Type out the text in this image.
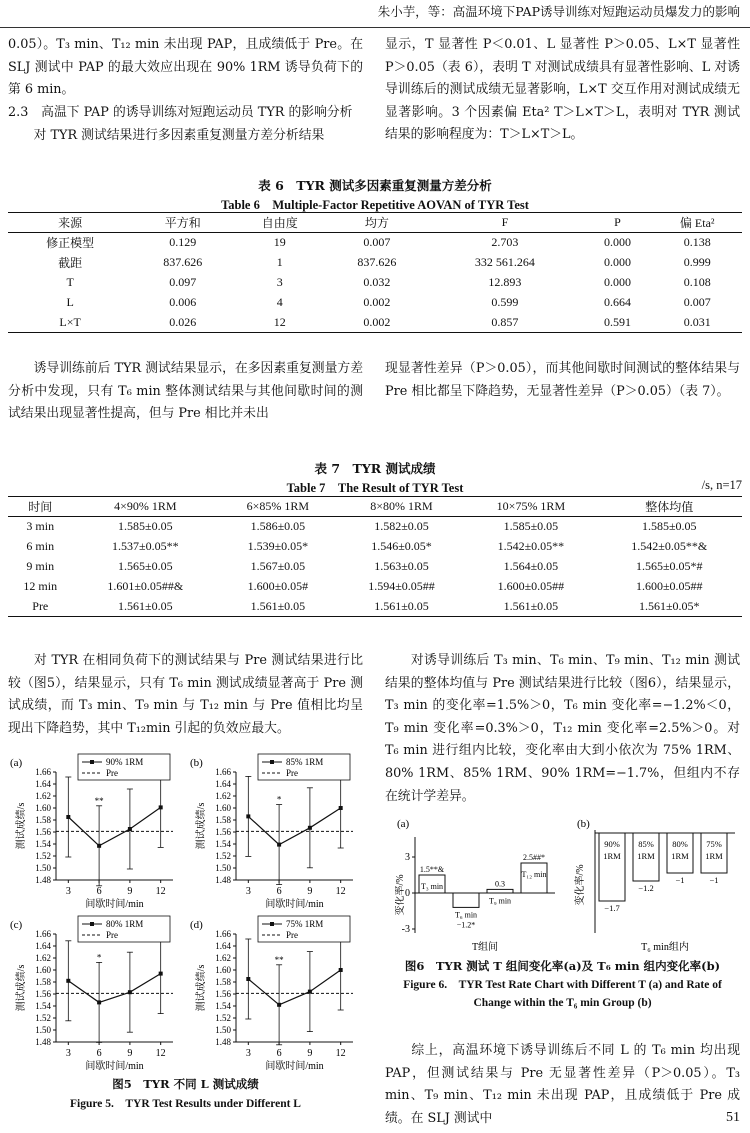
朱小芋，等：高温环境下PAP诱导训练对短跑运动员爆发力的影响
0.05）。T₃ min、T₁₂ min 未出现 PAP，且成绩低于 Pre。在 SLJ 测试中 PAP 的最大效应出现在 90% 1RM 诱导负荷下的第 6 min。
2.3　高温下 PAP 的诱导训练对短跑运动员 TYR 的影响分析
对 TYR 测试结果进行多因素重复测量方差分析结果
显示，T 显著性 P＜0.01、L 显著性 P＞0.05、L×T 显著性 P＞0.05（表 6），表明 T 对测试成绩具有显著性影响、L 对诱导训练后的测试成绩无显著影响，L×T 交互作用对测试成绩无显著影响。3 个因素偏 Eta² T＞L×T＞L，表明对 TYR 测试结果的影响程度为：T＞L×T＞L。
表 6　TYR 测试多因素重复测量方差分析
Table 6　Multiple-Factor Repetitive AOVAN of TYR Test
来源	平方和	自由度	均方	F	P	偏 Eta²
修正模型	0.129	19	0.007	2.703	0.000	0.138
截距	837.626	1	837.626	332 561.264	0.000	0.999
T	0.097	3	0.032	12.893	0.000	0.108
L	0.006	4	0.002	0.599	0.664	0.007
L×T	0.026	12	0.002	0.857	0.591	0.031
诱导训练前后 TYR 测试结果显示，在多因素重复测量方差分析中发现，只有 T₆ min 整体测试结果与其他间歇时间的测试结果出现显著性提高，但与 Pre 相比并未出
现显著性差异（P＞0.05），而其他间歇时间测试的整体结果与 Pre 相比都呈下降趋势，无显著性差异（P＞0.05）（表 7）。
表 7　TYR 测试成绩
Table 7　The Result of TYR Test	/s, n=17
时间	4×90% 1RM	6×85% 1RM	8×80% 1RM	10×75% 1RM	整体均值
3 min	1.585±0.05	1.586±0.05	1.582±0.05	1.585±0.05	1.585±0.05
6 min	1.537±0.05**	1.539±0.05*	1.546±0.05*	1.542±0.05**	1.542±0.05**&
9 min	1.565±0.05	1.567±0.05	1.563±0.05	1.564±0.05	1.565±0.05*#
12 min	1.601±0.05##&	1.600±0.05#	1.594±0.05##	1.600±0.05##	1.600±0.05##
Pre	1.561±0.05	1.561±0.05	1.561±0.05	1.561±0.05	1.561±0.05*
对 TYR 在相同负荷下的测试结果与 Pre 测试结果进行比较（图5），结果显示，只有 T₆ min 测试成绩显著高于 Pre 测试成绩，而 T₃ min、T₉ min 与 T₁₂ min 与 Pre 值相比均呈现出下降趋势，其中 T₁₂min 引起的负效应最大。
对诱导训练后 T₃ min、T₆ min、T₉ min、T₁₂ min 测试结果的整体均值与 Pre 测试结果进行比较（图6），结果显示，T₃ min 的变化率=1.5%＞0，T₆ min 变化率=−1.2%＜0，T₉ min 变化率=0.3%＞0，T₁₂ min 变化率=2.5%＞0。对 T₆ min 进行组内比较，变化率由大到小依次为 75% 1RM、80% 1RM、85% 1RM、90% 1RM=−1.7%，但组内不存在统计学差异。
(a)
1.66
1.64
1.62
1.60
1.58
1.56
1.54
1.52
1.50
1.48
3	6	9 12
间歇时间/min
测试成绩/s
**
90% 1RM
Pre
(b)
1.66
1.64
1.62
1.60
1.58
1.56
1.54
1.52
1.50
1.48
3	6	9 12
间歇时间/min
测试成绩/s
*
85% 1RM
Pre
(c)
1.66
1.64
1.62
1.60
1.58
1.56
1.54
1.52
1.50
1.48
3	6	9 12
间歇时间/min
测试成绩/s
*
80% 1RM
Pre
(d)
1.66
1.64
1.62
1.60
1.58
1.56
1.54
1.52
1.50
1.48
3	6	9 12
间歇时间/min
测试成绩/s
**
75% 1RM
Pre
图5　TYR 不同 L 测试成绩
Figure 5.　TYR Test Results under Different L
(a)
3
0
-3
变化率/% T₃ min
1.5**&
T₆ min
−1.2*
T₉ min
0.3
T₁₂ min
2.5##*
T组间
(b)
变化率/%
90%
1RM
−1.7
85%
1RM
−1.2
80%
1RM
−1
75%
1RM
−1
T₆ min组内
图6　TYR 测试 T 组间变化率(a)及 T₆ min 组内变化率(b)
Figure 6.　TYR Test Rate Chart with Different T (a) and Rate of Change within the T₆ min Group (b)
综上，高温环境下诱导训练后不同 L 的 T₆ min 均出现 PAP，但测试结果与 Pre 无显著性差异（P＞0.05）。T₃ min、T₉ min、T₁₂ min 未出现 PAP，且成绩低于 Pre 成绩。在 SLJ 测试中	51
